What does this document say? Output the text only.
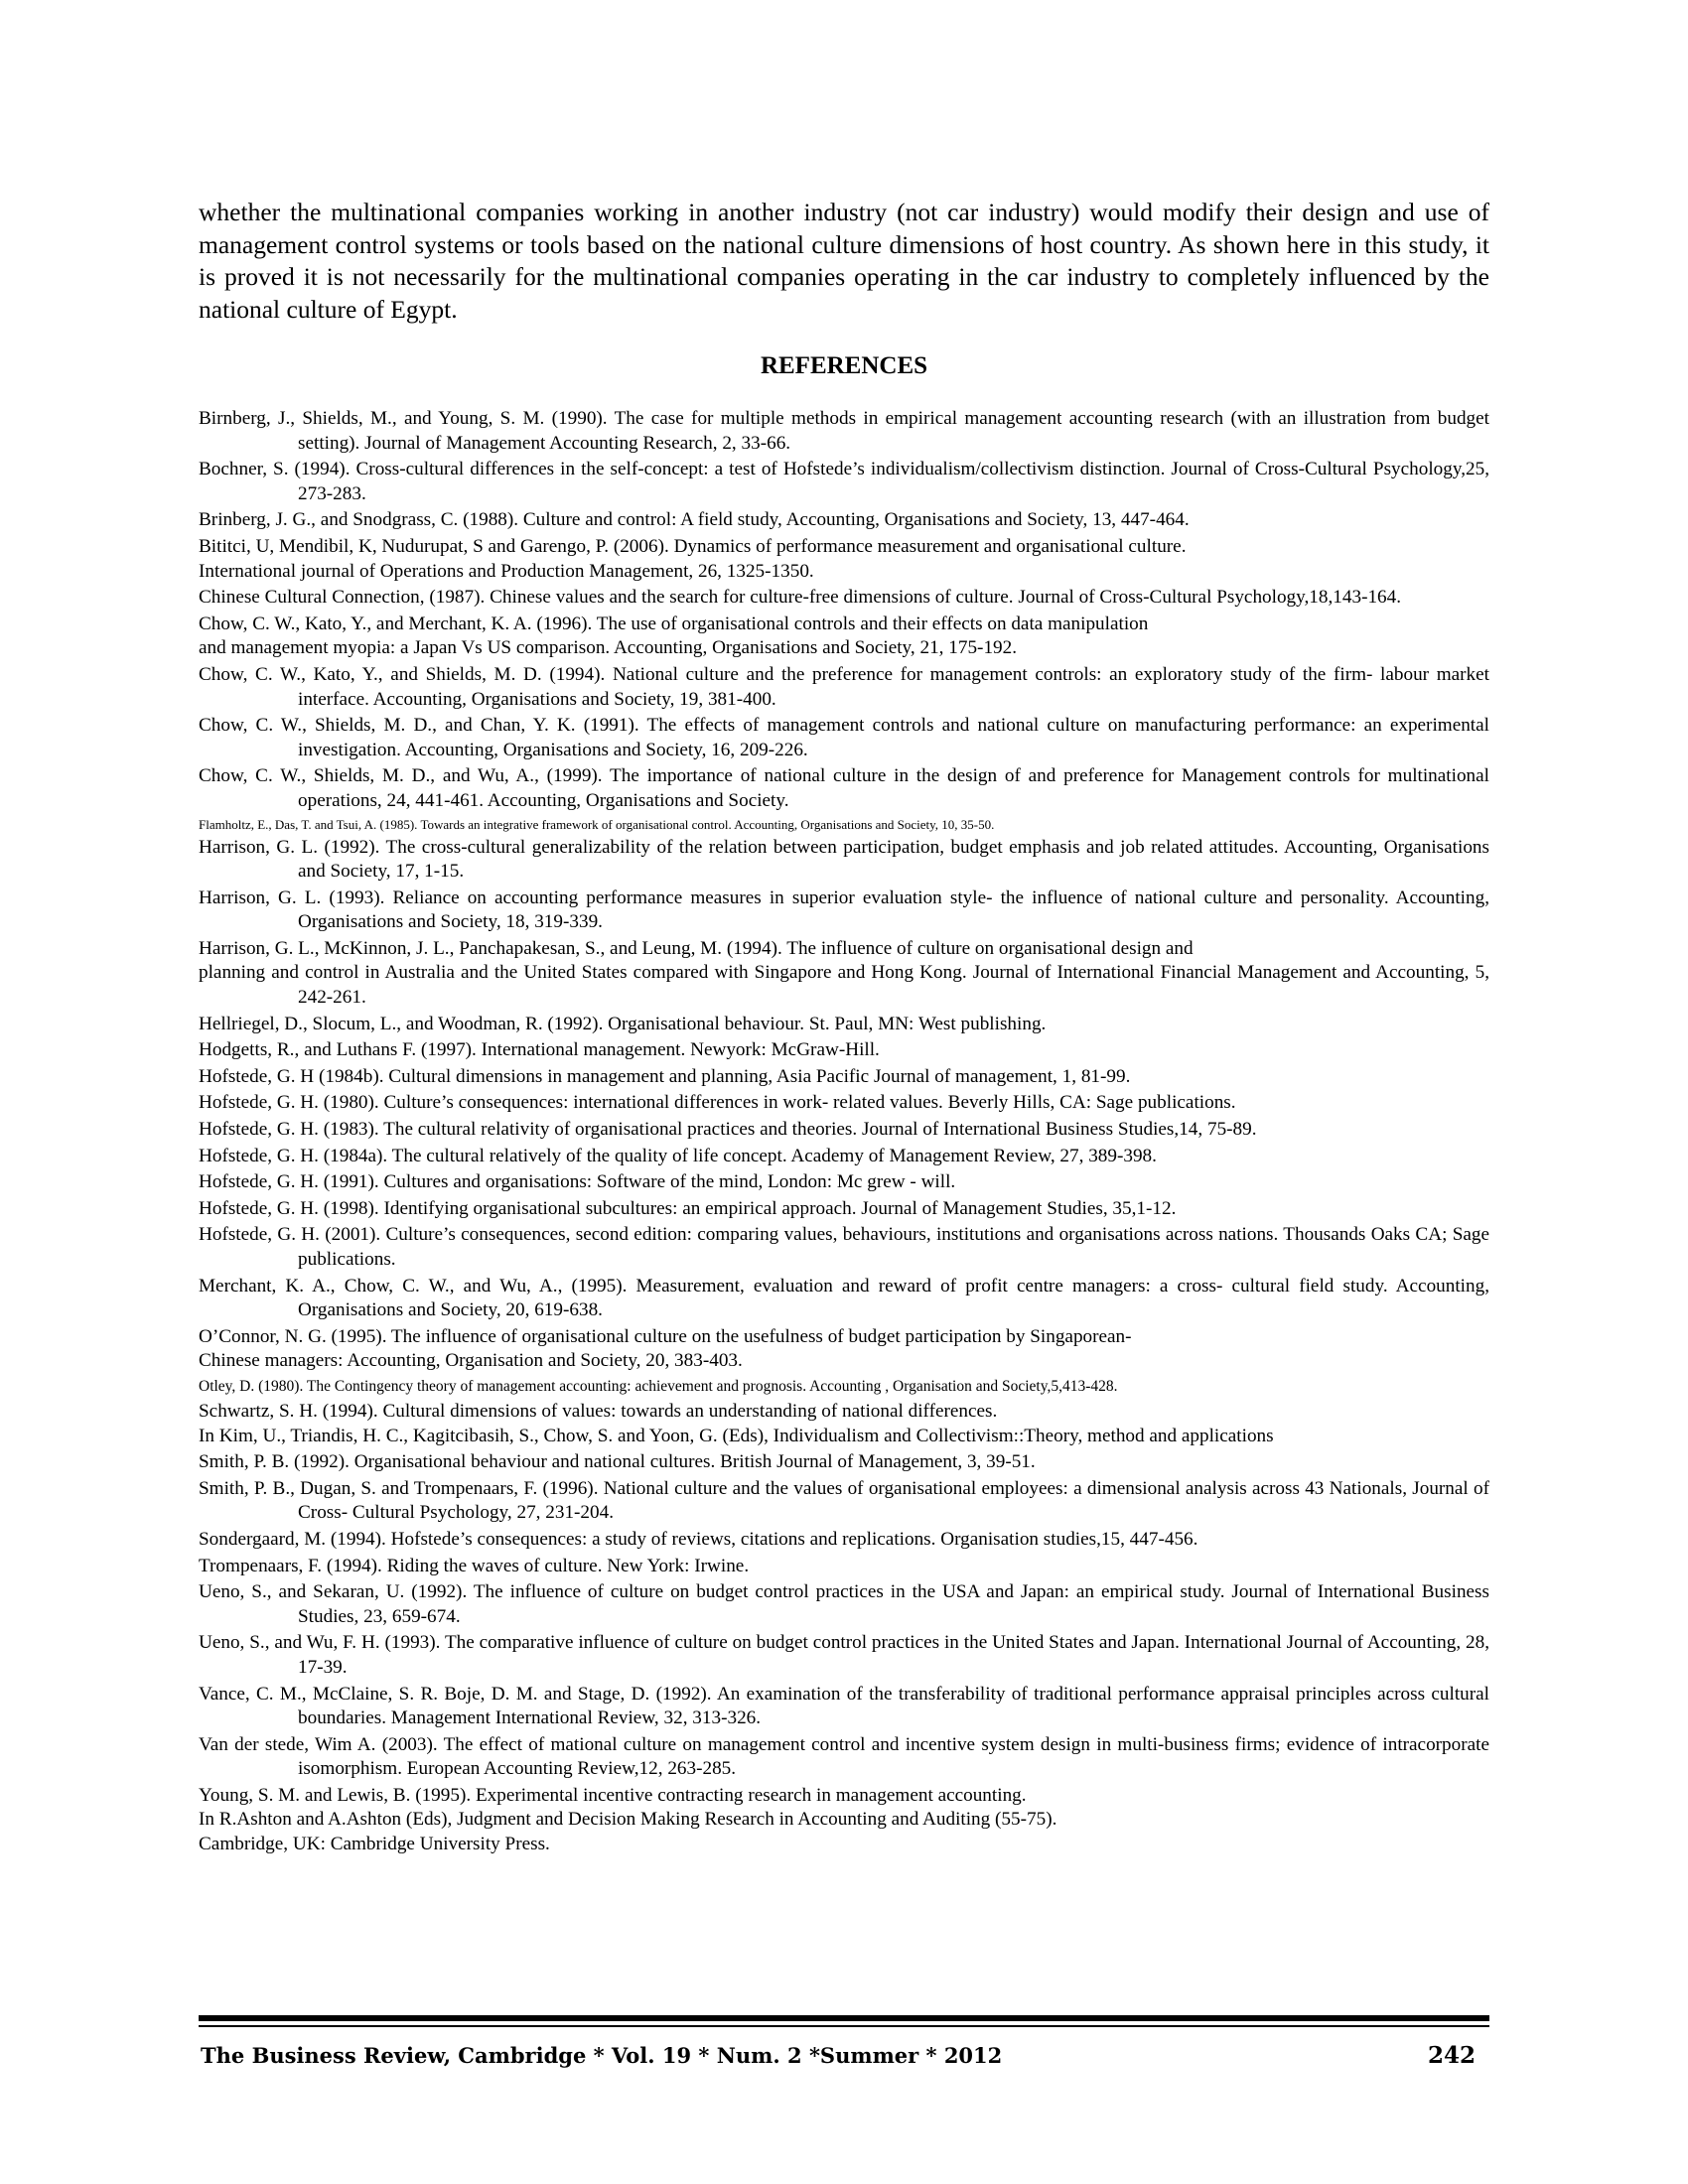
whether the multinational companies working in another industry (not car industry) would modify their design and use of management control systems or tools based on the national culture dimensions of host country. As shown here in this study, it is proved it is not necessarily for the multinational companies operating in the car industry to completely influenced by the national culture of Egypt.

REFERENCES

Birnberg, J., Shields, M., and Young, S. M. (1990). The case for multiple methods in empirical management accounting research (with an illustration from budget setting). Journal of Management Accounting Research, 2, 33-66.

Bochner, S. (1994). Cross-cultural differences in the self-concept: a test of Hofstede’s individualism/collectivism distinction. Journal of Cross-Cultural Psychology,25, 273-283.

Brinberg, J. G., and Snodgrass, C. (1988). Culture and control: A field study, Accounting, Organisations and Society, 13, 447-464.

Bititci, U, Mendibil, K, Nudurupat, S and Garengo, P. (2006). Dynamics of performance measurement and organisational culture.

International journal of Operations and Production Management, 26, 1325-1350.

Chinese Cultural Connection, (1987). Chinese values and the search for culture-free dimensions of culture. Journal of Cross-Cultural Psychology,18,143-164.

Chow, C. W., Kato, Y., and Merchant, K. A. (1996). The use of organisational controls and their effects on data manipulation

and management myopia: a Japan Vs US comparison. Accounting, Organisations and Society, 21, 175-192.

Chow, C. W., Kato, Y., and Shields, M. D. (1994). National culture and the preference for management controls: an exploratory study of the firm- labour market interface. Accounting, Organisations and Society, 19, 381-400.

Chow, C. W., Shields, M. D., and Chan, Y. K. (1991). The effects of management controls and national culture on manufacturing performance: an experimental investigation. Accounting, Organisations and Society, 16, 209-226.

Chow, C. W., Shields, M. D., and Wu, A., (1999). The importance of national culture in the design of and preference for Management controls for multinational operations, 24, 441-461. Accounting, Organisations and Society.

Flamholtz, E., Das, T. and Tsui, A. (1985). Towards an integrative framework of organisational control. Accounting, Organisations and Society, 10, 35-50.

Harrison, G. L. (1992). The cross-cultural generalizability of the relation between participation, budget emphasis and job related attitudes. Accounting, Organisations and Society, 17, 1-15.

Harrison, G. L. (1993). Reliance on accounting performance measures in superior evaluation style- the influence of national culture and personality. Accounting, Organisations and Society, 18, 319-339.

Harrison, G. L., McKinnon, J. L., Panchapakesan, S., and Leung, M. (1994). The influence of culture on organisational design and

planning and control in Australia and the United States compared with Singapore and Hong Kong. Journal of International Financial Management and Accounting, 5, 242-261.

Hellriegel, D., Slocum, L., and Woodman, R. (1992). Organisational behaviour. St. Paul, MN: West publishing.

Hodgetts, R., and Luthans F. (1997). International management. Newyork: McGraw-Hill.

Hofstede, G. H (1984b). Cultural dimensions in management and planning, Asia Pacific Journal of management, 1, 81-99.

Hofstede, G. H. (1980). Culture’s consequences: international differences in work- related values. Beverly Hills, CA: Sage publications.

Hofstede, G. H. (1983). The cultural relativity of organisational practices and theories. Journal of International Business Studies,14, 75-89.

Hofstede, G. H. (1984a). The cultural relatively of the quality of life concept. Academy of Management Review, 27, 389-398.

Hofstede, G. H. (1991). Cultures and organisations: Software of the mind, London: Mc grew - will.

Hofstede, G. H. (1998). Identifying organisational subcultures: an empirical approach. Journal of Management Studies, 35,1-12.

Hofstede, G. H. (2001). Culture’s consequences, second edition: comparing values, behaviours, institutions and organisations across nations. Thousands Oaks CA; Sage publications.

Merchant, K. A., Chow, C. W., and Wu, A., (1995). Measurement, evaluation and reward of profit centre managers: a cross- cultural field study. Accounting, Organisations and Society, 20, 619-638.

O’Connor, N. G. (1995). The influence of organisational culture on the usefulness of budget participation by Singaporean-

Chinese managers: Accounting, Organisation and Society, 20, 383-403.

Otley, D. (1980). The Contingency theory of management accounting: achievement and prognosis. Accounting , Organisation and Society,5,413-428.

Schwartz, S. H. (1994). Cultural dimensions of values: towards an understanding of national differences.

In Kim, U., Triandis, H. C., Kagitcibasih, S., Chow, S. and Yoon, G. (Eds), Individualism and Collectivism::Theory, method and applications

Smith, P. B. (1992). Organisational behaviour and national cultures. British Journal of Management, 3, 39-51.

Smith, P. B., Dugan, S. and Trompenaars, F. (1996). National culture and the values of organisational employees: a dimensional analysis across 43 Nationals, Journal of Cross- Cultural Psychology, 27, 231-204.

Sondergaard, M. (1994). Hofstede’s consequences: a study of reviews, citations and replications. Organisation studies,15, 447-456.

Trompenaars, F. (1994). Riding the waves of culture. New York: Irwine.

Ueno, S., and Sekaran, U. (1992). The influence of culture on budget control practices in the USA and Japan: an empirical study. Journal of International Business Studies, 23, 659-674.

Ueno, S., and Wu, F. H. (1993). The comparative influence of culture on budget control practices in the United States and Japan. International Journal of Accounting, 28, 17-39.

Vance, C. M., McClaine, S. R. Boje, D. M. and Stage, D. (1992). An examination of the transferability of traditional performance appraisal principles across cultural boundaries. Management International Review, 32, 313-326.

Van der stede, Wim A. (2003). The effect of mational culture on management control and incentive system design in multi-business firms; evidence of intracorporate isomorphism. European Accounting Review,12, 263-285.

Young, S. M. and Lewis, B. (1995). Experimental incentive contracting research in management accounting.

In R.Ashton and A.Ashton (Eds), Judgment and Decision Making Research in Accounting and Auditing (55-75).

Cambridge, UK: Cambridge University Press.

The Business Review, Cambridge * Vol. 19 * Num. 2 *Summer * 2012	242
